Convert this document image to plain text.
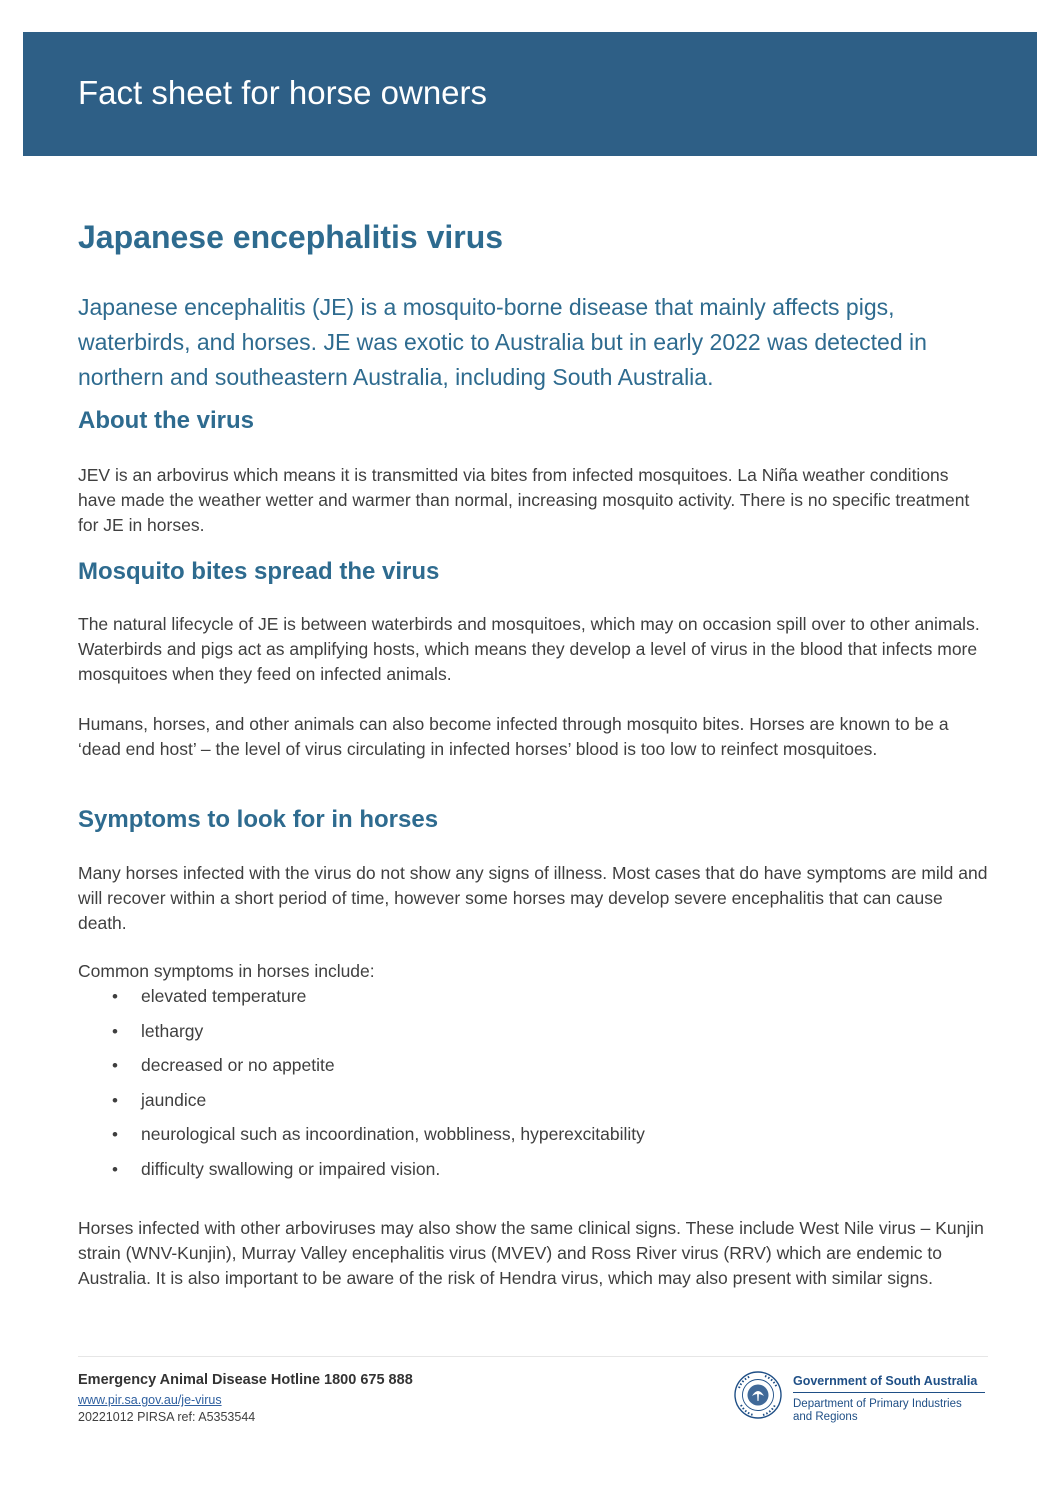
Fact sheet for horse owners
Japanese encephalitis virus

Japanese encephalitis (JE) is a mosquito-borne disease that mainly affects pigs, waterbirds, and horses. JE was exotic to Australia but in early 2022 was detected in northern and southeastern Australia, including South Australia.

About the virus

JEV is an arbovirus which means it is transmitted via bites from infected mosquitoes. La Niña weather conditions have made the weather wetter and warmer than normal, increasing mosquito activity. There is no specific treatment for JE in horses.

Mosquito bites spread the virus

The natural lifecycle of JE is between waterbirds and mosquitoes, which may on occasion spill over to other animals. Waterbirds and pigs act as amplifying hosts, which means they develop a level of virus in the blood that infects more mosquitoes when they feed on infected animals.

Humans, horses, and other animals can also become infected through mosquito bites. Horses are known to be a ‘dead end host’ – the level of virus circulating in infected horses’ blood is too low to reinfect mosquitoes.

Symptoms to look for in horses

Many horses infected with the virus do not show any signs of illness. Most cases that do have symptoms are mild and will recover within a short period of time, however some horses may develop severe encephalitis that can cause death.

Common symptoms in horses include:

• elevated temperature
• lethargy
• decreased or no appetite
• jaundice
• neurological such as incoordination, wobbliness, hyperexcitability
• difficulty swallowing or impaired vision.

Horses infected with other arboviruses may also show the same clinical signs. These include West Nile virus – Kunjin strain (WNV-Kunjin), Murray Valley encephalitis virus (MVEV) and Ross River virus (RRV) which are endemic to Australia. It is also important to be aware of the risk of Hendra virus, which may also present with similar signs.

Emergency Animal Disease Hotline 1800 675 888
www.pir.sa.gov.au/je-virus
20221012 PIRSA ref: A5353544
Government of South Australia
Department of Primary Industries and Regions
